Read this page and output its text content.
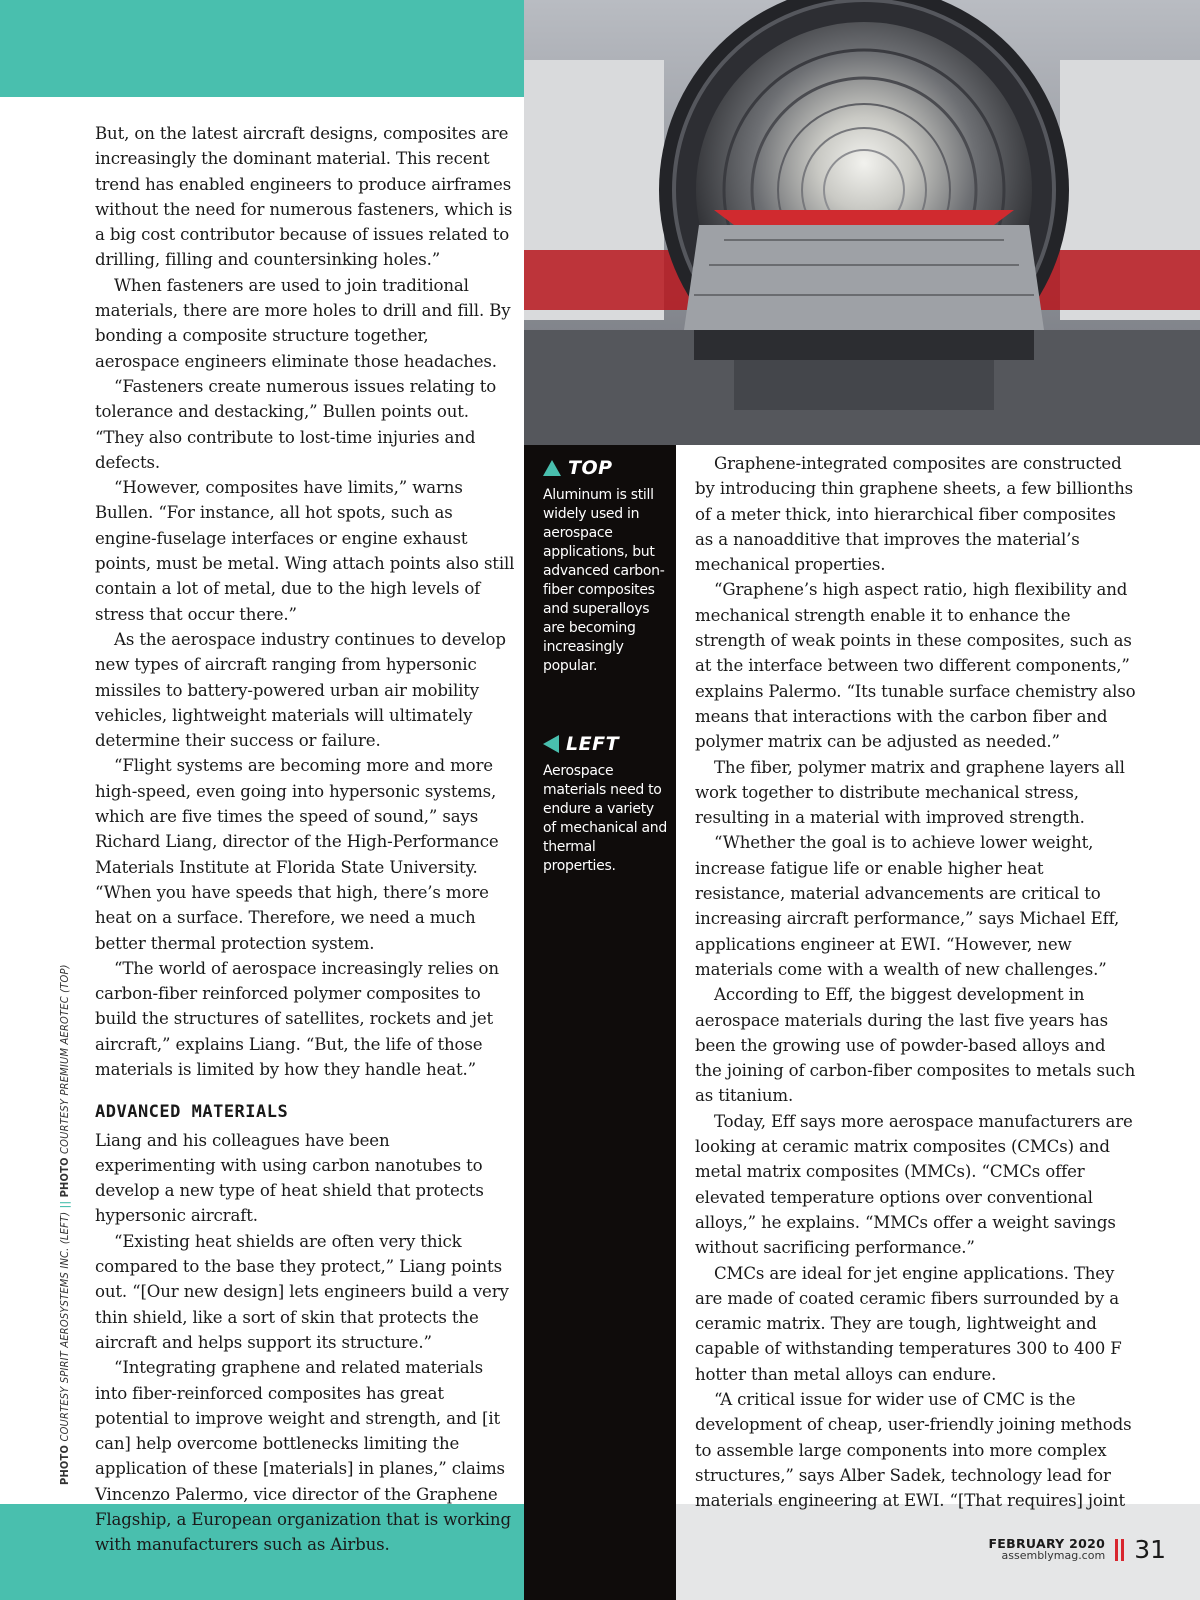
But, on the latest aircraft designs, composites are increasingly the dominant material. This recent trend has enabled engineers to produce airframes without the need for numerous fasteners, which is a big cost contributor because of issues related to drilling, filling and countersinking holes.”

When fasteners are used to join traditional materials, there are more holes to drill and fill. By bonding a composite structure together, aerospace engineers eliminate those headaches.

“Fasteners create numerous issues relating to tolerance and destacking,” Bullen points out. “They also contribute to lost-time injuries and defects.

“However, composites have limits,” warns Bullen. “For instance, all hot spots, such as engine-fuselage interfaces or engine exhaust points, must be metal. Wing attach points also still contain a lot of metal, due to the high levels of stress that occur there.”

As the aerospace industry continues to develop new types of aircraft ranging from hypersonic missiles to battery-powered urban air mobility vehicles, lightweight materials will ultimately determine their success or failure.

“Flight systems are becoming more and more high-speed, even going into hypersonic systems, which are five times the speed of sound,” says Richard Liang, director of the High-Performance Materials Institute at Florida State University. “When you have speeds that high, there’s more heat on a surface. Therefore, we need a much better thermal protection system.

“The world of aerospace increasingly relies on carbon-fiber reinforced polymer composites to build the structures of satellites, rockets and jet aircraft,” explains Liang. “But, the life of those materials is limited by how they handle heat.”

ADVANCED MATERIALS

Liang and his colleagues have been experimenting with using carbon nanotubes to develop a new type of heat shield that protects hypersonic aircraft.

“Existing heat shields are often very thick compared to the base they protect,” Liang points out. “[Our new design] lets engineers build a very thin shield, like a sort of skin that protects the aircraft and helps support its structure.”

“Integrating graphene and related materials into fiber-reinforced composites has great potential to improve weight and strength, and [it can] help overcome bottlenecks limiting the application of these [materials] in planes,” claims Vincenzo Palermo, vice director of the Graphene Flagship, a European organization that is working with manufacturers such as Airbus.

TOP
Aluminum is still widely used in aerospace applications, but advanced carbon-fiber composites and superalloys are becoming increasingly popular.
LEFT
Aerospace materials need to endure a variety of mechanical and thermal properties.

Graphene-integrated composites are constructed by introducing thin graphene sheets, a few billionths of a meter thick, into hierarchical fiber composites as a nanoadditive that improves the material’s mechanical properties.

“Graphene’s high aspect ratio, high flexibility and mechanical strength enable it to enhance the strength of weak points in these composites, such as at the interface between two different components,” explains Palermo. “Its tunable surface chemistry also means that interactions with the carbon fiber and polymer matrix can be adjusted as needed.”

The fiber, polymer matrix and graphene layers all work together to distribute mechanical stress, resulting in a material with improved strength.

“Whether the goal is to achieve lower weight, increase fatigue life or enable higher heat resistance, material advancements are critical to increasing aircraft performance,” says Michael Eff, applications engineer at EWI. “However, new materials come with a wealth of new challenges.”

According to Eff, the biggest development in aerospace materials during the last five years has been the growing use of powder-based alloys and the joining of carbon-fiber composites to metals such as titanium.

Today, Eff says more aerospace manufacturers are looking at ceramic matrix composites (CMCs) and metal matrix composites (MMCs). “CMCs offer elevated temperature options over conventional alloys,” he explains. “MMCs offer a weight savings without sacrificing performance.”

CMCs are ideal for jet engine applications. They are made of coated ceramic fibers surrounded by a ceramic matrix. They are tough, lightweight and capable of withstanding temperatures 300 to 400 F hotter than metal alloys can endure.

“A critical issue for wider use of CMC is the development of cheap, user-friendly joining methods to assemble large components into more complex structures,” says Alber Sadek, technology lead for materials engineering at EWI. “[That requires] joint

PHOTO COURTESY SPIRIT AEROSYSTEMS INC. (LEFT) || PHOTO COURTESY PREMIUM AEROTEC (TOP)
FEBRUARY 2020
assemblymag.com 31
